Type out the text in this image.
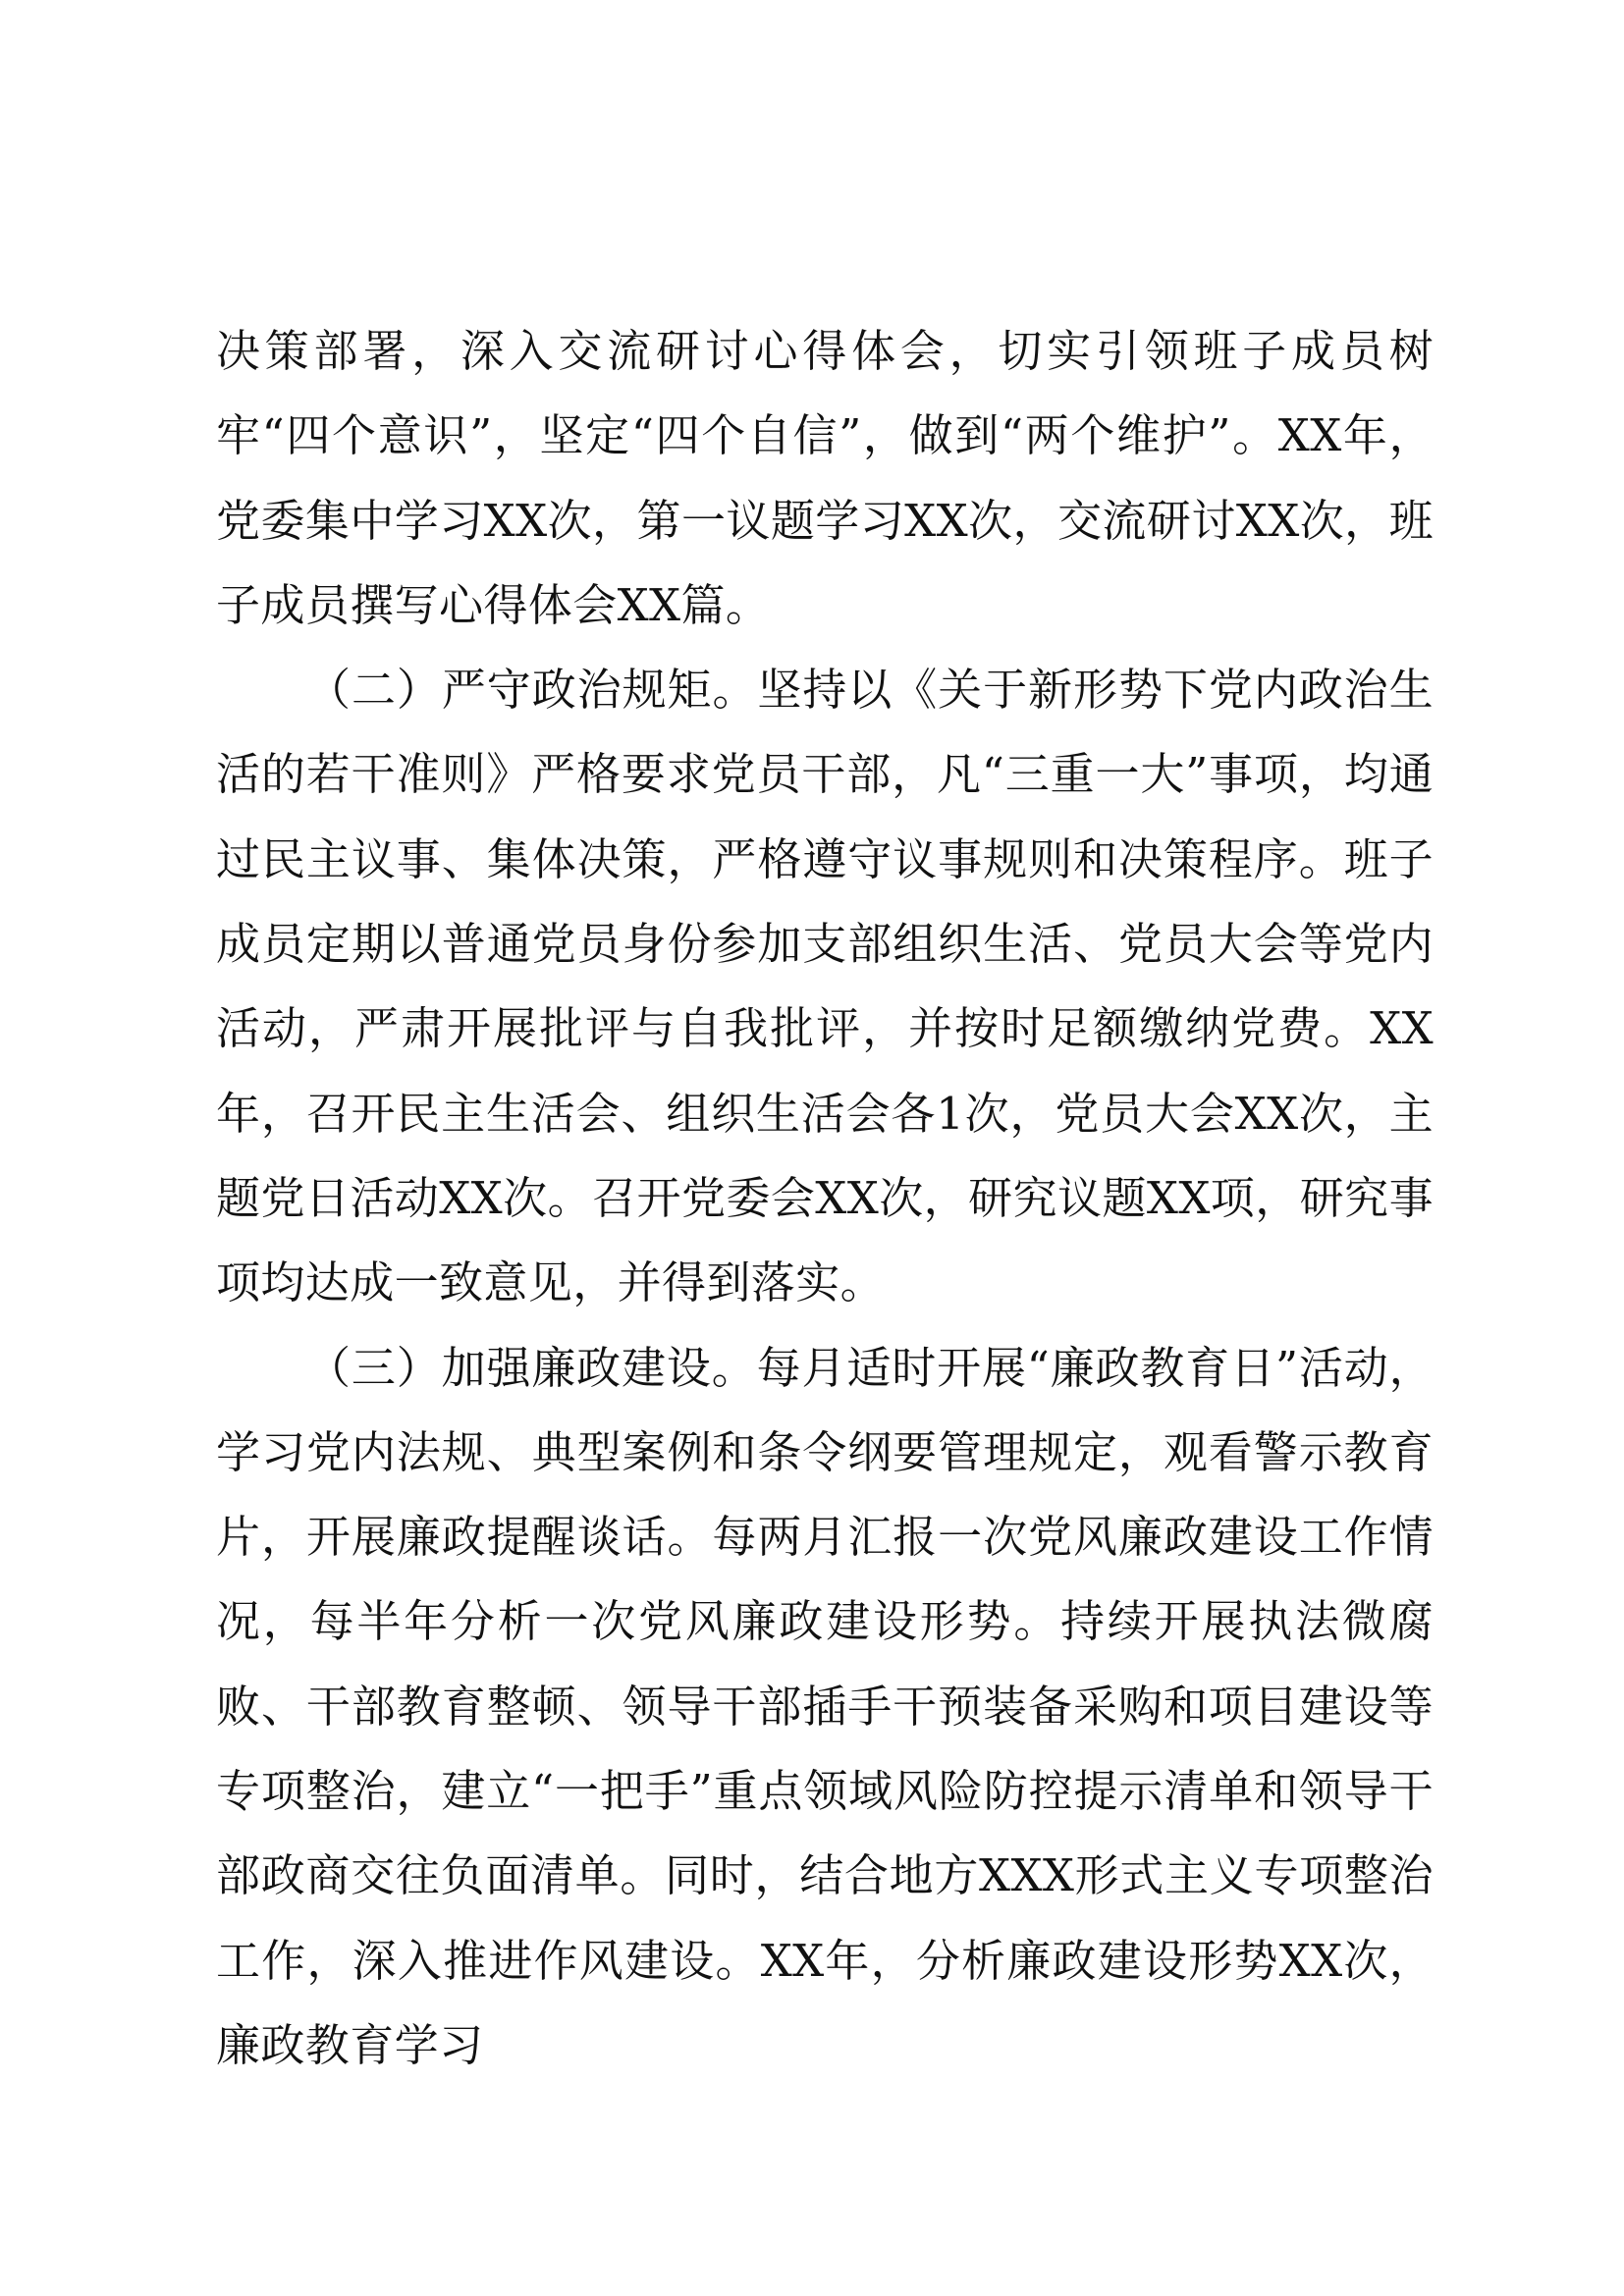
决策部署，深入交流研讨心得体会，切实引领班子成员树牢“四个意识”，坚定“四个自信”，做到“两个维护”。XX年，党委集中学习XX次，第一议题学习XX次，交流研讨XX次，班子成员撰写心得体会XX篇。

（二）严守政治规矩。坚持以《关于新形势下党内政治生活的若干准则》严格要求党员干部，凡“三重一大”事项，均通过民主议事、集体决策，严格遵守议事规则和决策程序。班子成员定期以普通党员身份参加支部组织生活、党员大会等党内活动，严肃开展批评与自我批评，并按时足额缴纳党费。XX年，召开民主生活会、组织生活会各1次，党员大会XX次，主题党日活动XX次。召开党委会XX次，研究议题XX项，研究事项均达成一致意见，并得到落实。

（三）加强廉政建设。每月适时开展“廉政教育日”活动，学习党内法规、典型案例和条令纲要管理规定，观看警示教育片，开展廉政提醒谈话。每两月汇报一次党风廉政建设工作情况，每半年分析一次党风廉政建设形势。持续开展执法微腐败、干部教育整顿、领导干部插手干预装备采购和项目建设等专项整治，建立“一把手”重点领域风险防控提示清单和领导干部政商交往负面清单。同时，结合地方XXX形式主义专项整治工作，深入推进作风建设。XX年，分析廉政建设形势XX次，廉政教育学习
